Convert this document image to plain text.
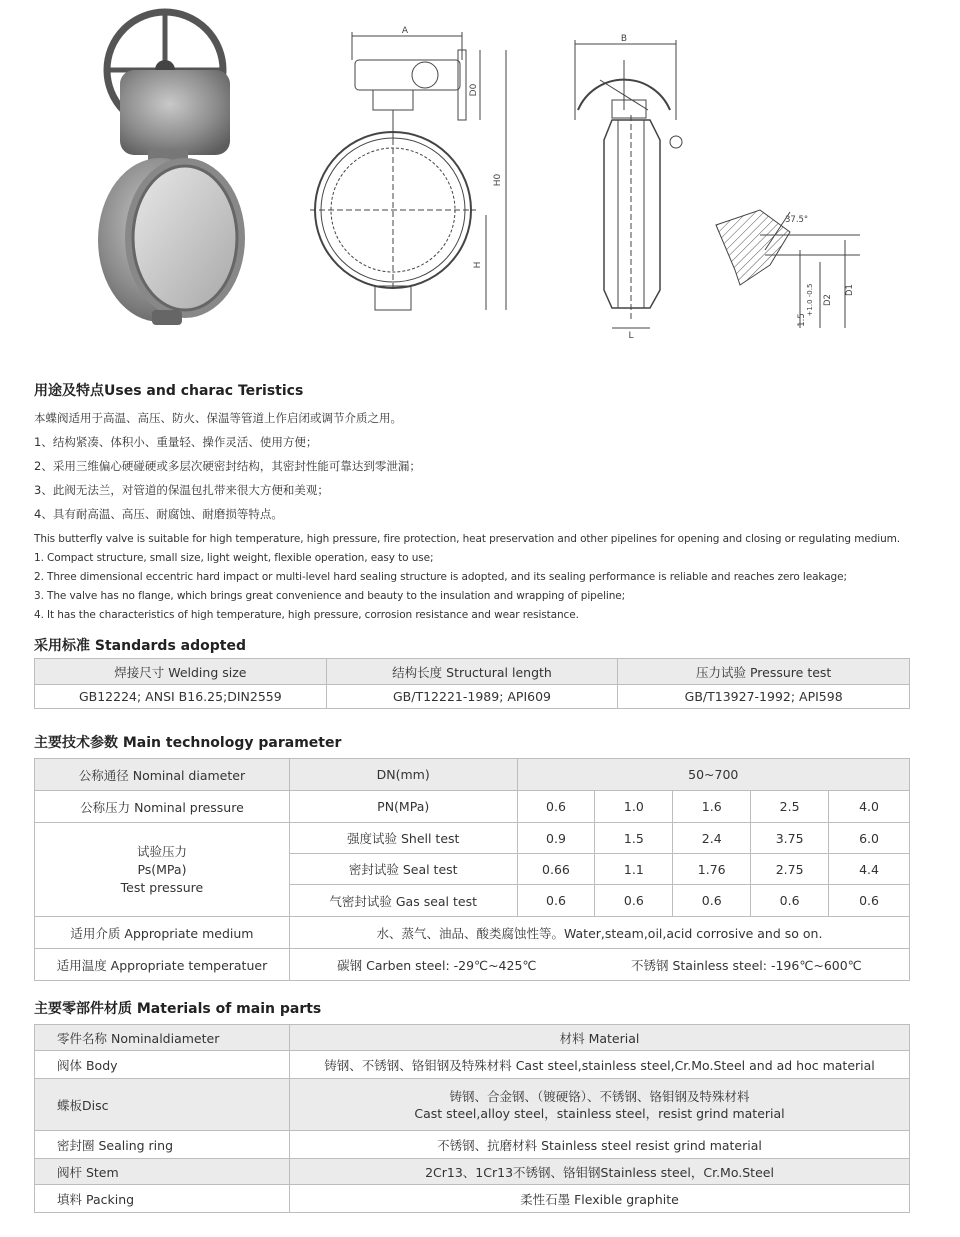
A
D0
H0
H
B
L
37.5°
+1.0 -0.5 D2
D1
1.5
用途及特点Uses and charac Teristics
本蝶阀适用于高温、高压、防火、保温等管道上作启闭或调节介质之用。
1、结构紧凑、体积小、重量轻、操作灵活、使用方便；
2、采用三维偏心硬碰硬或多层次硬密封结构，其密封性能可靠达到零泄漏；
3、此阀无法兰，对管道的保温包扎带来很大方便和美观；
4、具有耐高温、高压、耐腐蚀、耐磨损等特点。
This butterfly valve is suitable for high temperature, high pressure, fire protection, heat preservation and other pipelines for opening and closing or regulating medium.
1. Compact structure, small size, light weight, flexible operation, easy to use;
2. Three dimensional eccentric hard impact or multi-level hard sealing structure is adopted, and its sealing performance is reliable and reaches zero leakage;
3. The valve has no flange, which brings great convenience and beauty to the insulation and wrapping of pipeline;
4. It has the characteristics of high temperature, high pressure, corrosion resistance and wear resistance.
采用标准 Standards adopted
焊接尺寸 Welding size	结构长度 Structural length	压力试验 Pressure test
GB12224; ANSI B16.25;DIN2559	GB/T12221-1989; API609	GB/T13927-1992; API598
主要技术参数 Main technology parameter
公称通径 Nominal diameter	DN(mm)	50~700				
公称压力 Nominal pressure	PN(MPa)	0.6	1.0	1.6	2.5	4.0

试验压力
Ps(MPa)
Test pressure	强度试验 Shell test	0.9	1.5	2.4	3.75	6.0
	密封试验 Seal test	0.66	1.1	1.76	2.75	4.4
	气密封试验 Gas seal test	0.6	0.6	0.6	0.6	0.6
适用介质 Appropriate medium	水、蒸气、油品、酸类腐蚀性等。Water,steam,oil,acid corrosive and so on.					
适用温度 Appropriate temperatuer	碳钢 Carben steel: -29℃~425℃ 不锈钢 Stainless steel: -196℃~600℃					
主要零部件材质 Materials of main parts
零件名称 Nominaldiameter	材料 Material
阀体 Body	铸钢、不锈钢、铬钼钢及特殊材料 Cast steel,stainless steel,Cr.Mo.Steel and ad hoc material
蝶板Disc	铸钢、合金钢、（镀硬铬）、不锈钢、铬钼钢及特殊材料
Cast steel,alloy steel，stainless steel，resist grind material

密封圈 Sealing ring	不锈钢、抗磨材料 Stainless steel resist grind material
阀杆 Stem	2Cr13、1Cr13不锈钢、铬钼钢Stainless steel，Cr.Mo.Steel
填料 Packing	柔性石墨 Flexible graphite
